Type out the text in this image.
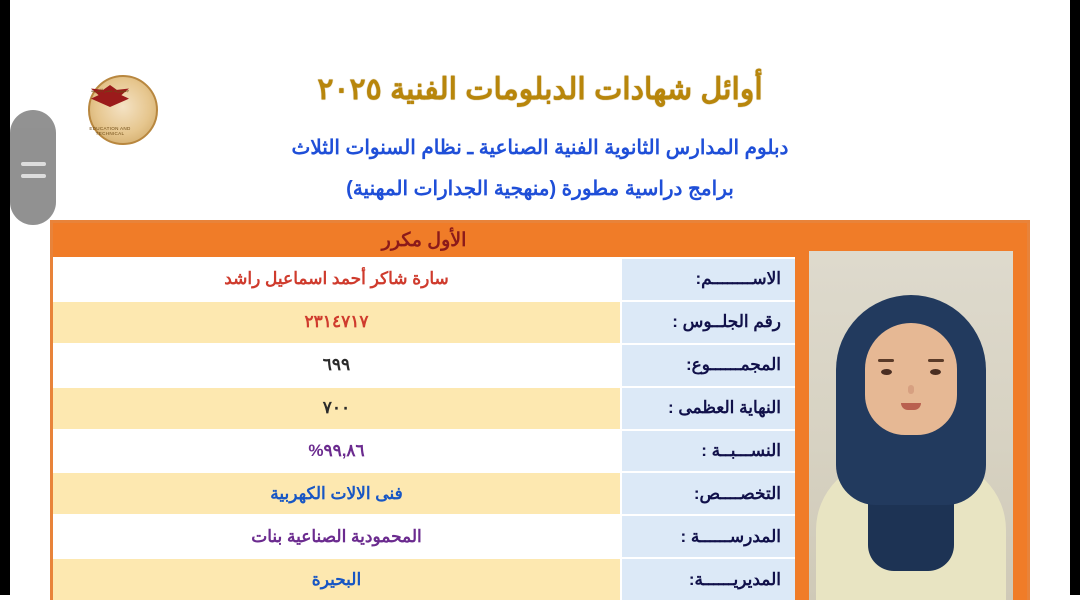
جمهورية مصر العربية
EDUCATION AND TECHNICAL
أوائل شهادات الدبلومات الفنية ٢٠٢٥
دبلوم المدارس الثانوية الفنية الصناعية ـ نظام السنوات الثلاث
برامج دراسية مطورة (منهجية الجدارات المهنية)
الأول مكرر
الاســــــــم:
سارة شاكر أحمد اسماعيل راشد
رقم الجلــوس :
٢٣١٤٧١٧
المجمــــــوع:
٦٩٩
النهاية العظمى :
٧٠٠
النســـبــة :
٩٩,٨٦%
التخصــــص:
فنى الالات الكهربية
المدرســــــة :
المحمودية الصناعية بنات
المديريــــــة:
البحيرة
